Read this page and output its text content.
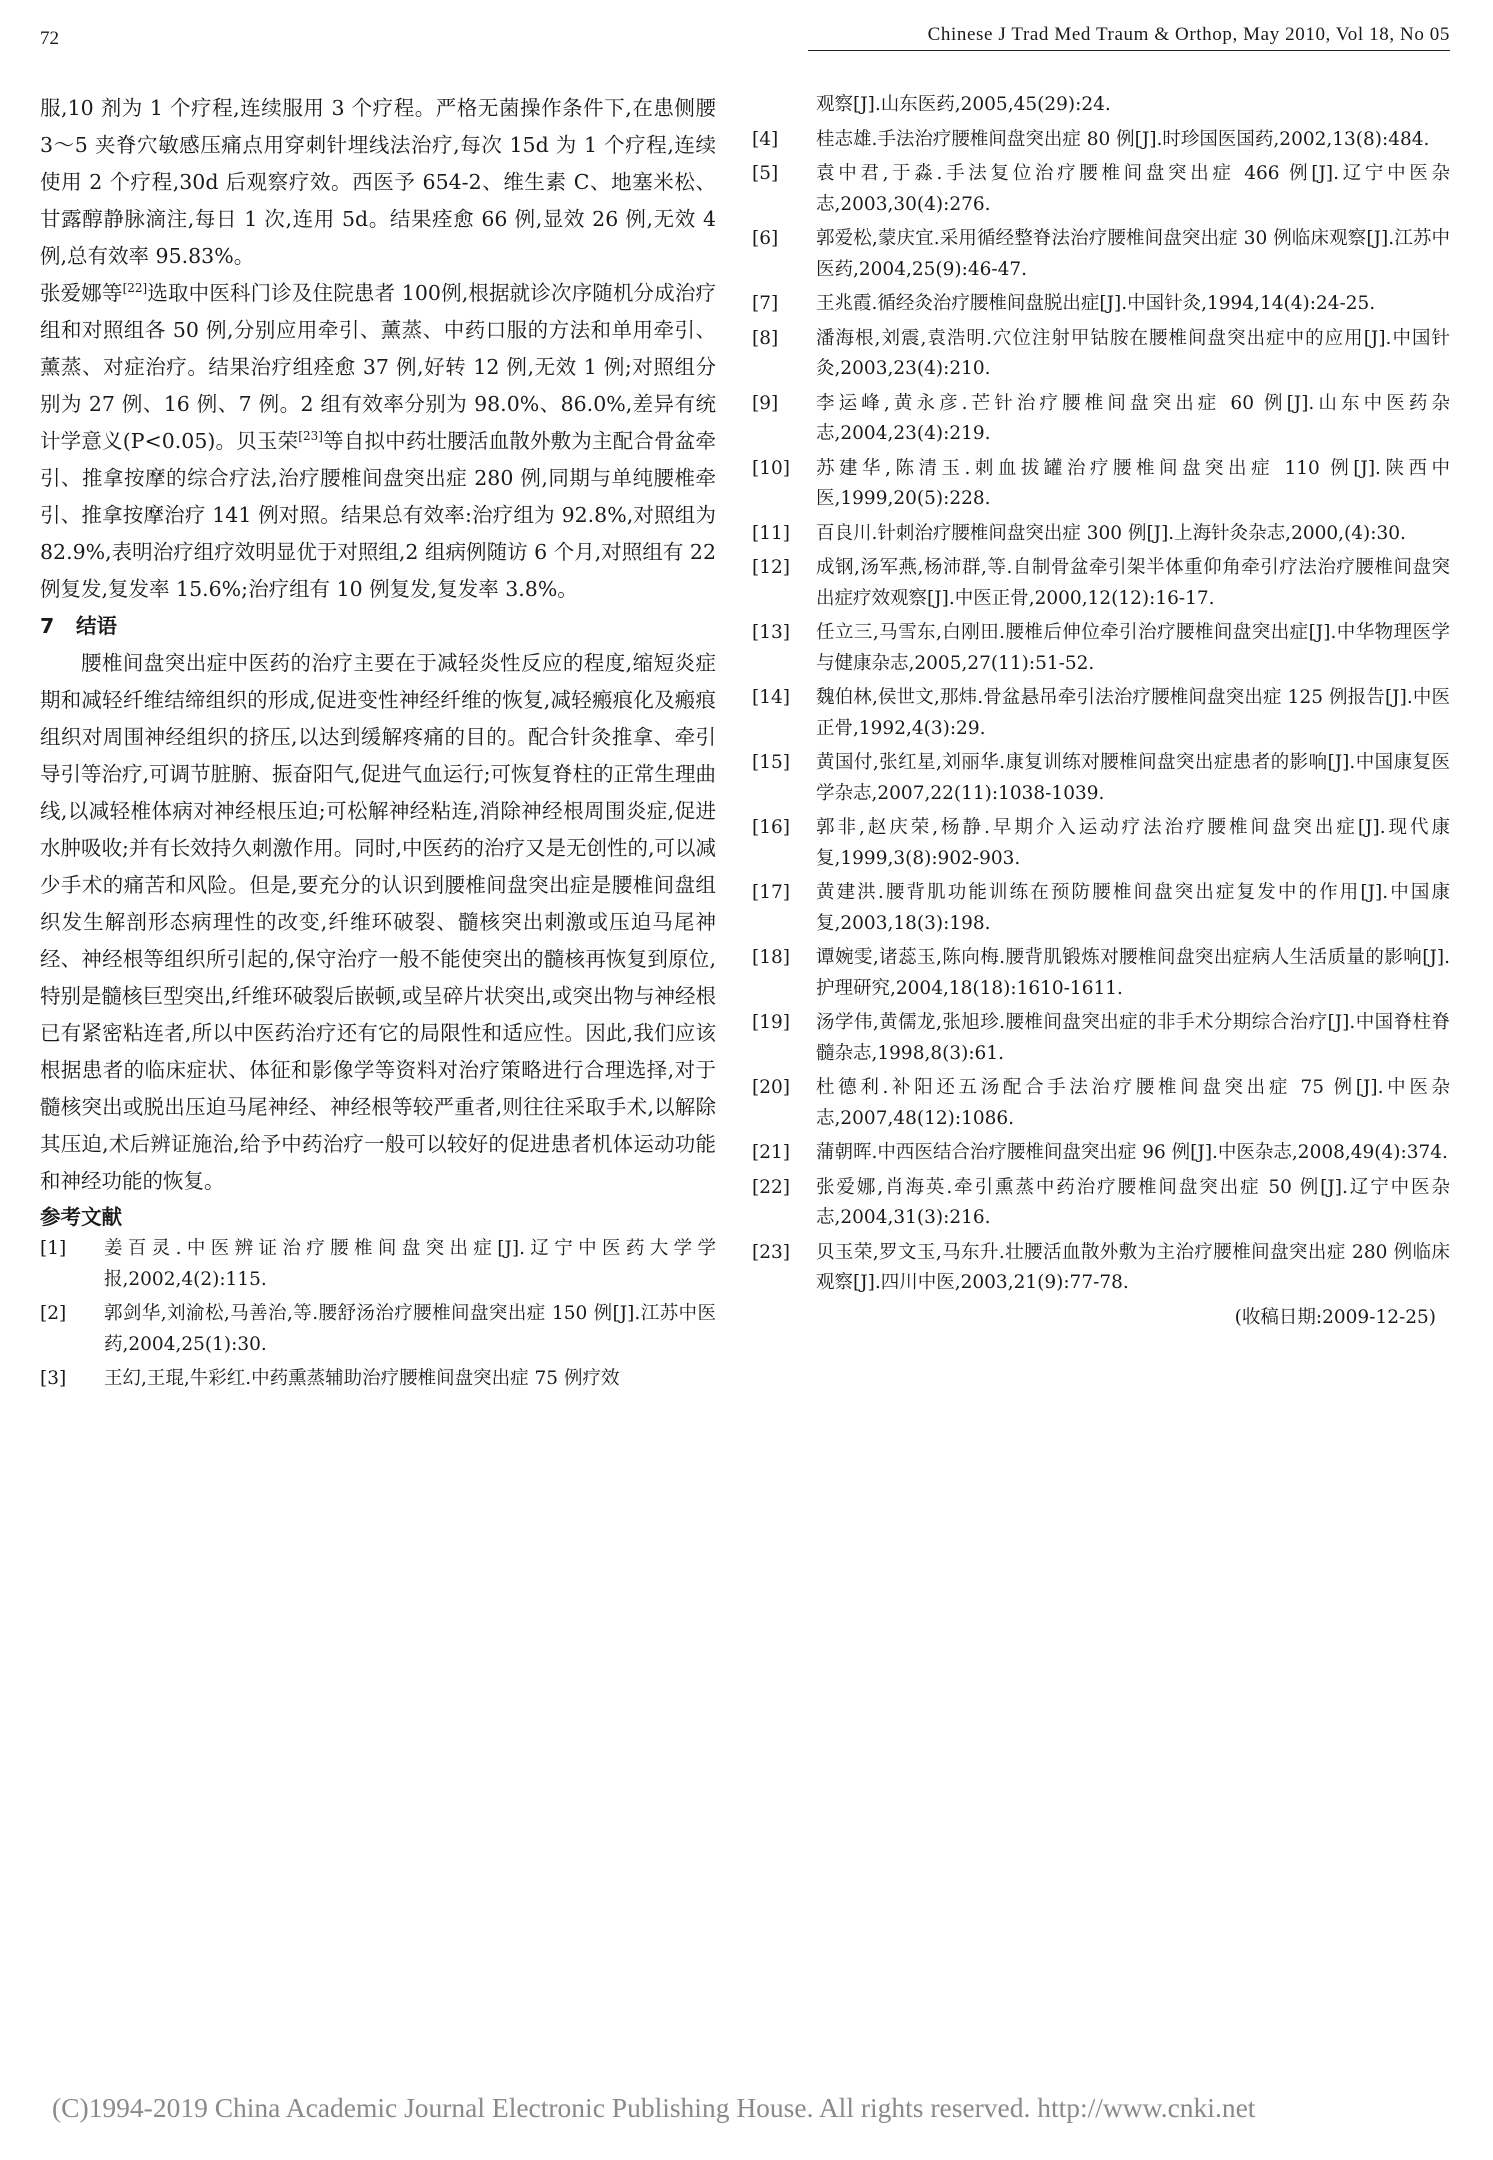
72	Chinese J Trad Med Traum & Orthop, May 2010, Vol 18, No 05

服,10 剂为 1 个疗程,连续服用 3 个疗程。严格无菌操作条件下,在患侧腰 3～5 夹脊穴敏感压痛点用穿刺针埋线法治疗,每次 15d 为 1 个疗程,连续使用 2 个疗程,30d 后观察疗效。西医予 654-2、维生素 C、地塞米松、甘露醇静脉滴注,每日 1 次,连用 5d。结果痊愈 66 例,显效 26 例,无效 4 例,总有效率 95.83%。

张爱娜等[22]选取中医科门诊及住院患者 100例,根据就诊次序随机分成治疗组和对照组各 50 例,分别应用牵引、薰蒸、中药口服的方法和单用牵引、薰蒸、对症治疗。结果治疗组痊愈 37 例,好转 12 例,无效 1 例;对照组分别为 27 例、16 例、7 例。2 组有效率分别为 98.0%、86.0%,差异有统计学意义(P<0.05)。贝玉荣[23]等自拟中药壮腰活血散外敷为主配合骨盆牵引、推拿按摩的综合疗法,治疗腰椎间盘突出症 280 例,同期与单纯腰椎牵引、推拿按摩治疗 141 例对照。结果总有效率:治疗组为 92.8%,对照组为 82.9%,表明治疗组疗效明显优于对照组,2 组病例随访 6 个月,对照组有 22 例复发,复发率 15.6%;治疗组有 10 例复发,复发率 3.8%。

7 结语

腰椎间盘突出症中医药的治疗主要在于减轻炎性反应的程度,缩短炎症期和减轻纤维结缔组织的形成,促进变性神经纤维的恢复,减轻瘢痕化及瘢痕组织对周围神经组织的挤压,以达到缓解疼痛的目的。配合针灸推拿、牵引导引等治疗,可调节脏腑、振奋阳气,促进气血运行;可恢复脊柱的正常生理曲线,以减轻椎体病对神经根压迫;可松解神经粘连,消除神经根周围炎症,促进水肿吸收;并有长效持久刺激作用。同时,中医药的治疗又是无创性的,可以减少手术的痛苦和风险。但是,要充分的认识到腰椎间盘突出症是腰椎间盘组织发生解剖形态病理性的改变,纤维环破裂、髓核突出刺激或压迫马尾神经、神经根等组织所引起的,保守治疗一般不能使突出的髓核再恢复到原位,特别是髓核巨型突出,纤维环破裂后嵌顿,或呈碎片状突出,或突出物与神经根已有紧密粘连者,所以中医药治疗还有它的局限性和适应性。因此,我们应该根据患者的临床症状、体征和影像学等资料对治疗策略进行合理选择,对于髓核突出或脱出压迫马尾神经、神经根等较严重者,则往往采取手术,以解除其压迫,术后辨证施治,给予中药治疗一般可以较好的促进患者机体运动功能和神经功能的恢复。

参考文献

[1]	姜百灵.中医辨证治疗腰椎间盘突出症[J].辽宁中医药大学学报,2002,4(2):115.
[2]	郭剑华,刘渝松,马善治,等.腰舒汤治疗腰椎间盘突出症 150 例[J].江苏中医药,2004,25(1):30.
[3]	王幻,王琨,牛彩红.中药熏蒸辅助治疗腰椎间盘突出症 75 例疗效

观察[J].山东医药,2005,45(29):24.

[4]	桂志雄.手法治疗腰椎间盘突出症 80 例[J].时珍国医国药,2002,13(8):484.
[5]	袁中君,于淼.手法复位治疗腰椎间盘突出症 466 例[J].辽宁中医杂志,2003,30(4):276.
[6]	郭爱松,蒙庆宜.采用循经整脊法治疗腰椎间盘突出症 30 例临床观察[J].江苏中医药,2004,25(9):46-47.
[7]	王兆霞.循经灸治疗腰椎间盘脱出症[J].中国针灸,1994,14(4):24-25.
[8]	潘海根,刘震,袁浩明.穴位注射甲钴胺在腰椎间盘突出症中的应用[J].中国针灸,2003,23(4):210.
[9]	李运峰,黄永彦.芒针治疗腰椎间盘突出症 60 例[J].山东中医药杂志,2004,23(4):219.
[10]	苏建华,陈清玉.刺血拔罐治疗腰椎间盘突出症 110 例[J].陕西中医,1999,20(5):228.
[11]	百良川.针刺治疗腰椎间盘突出症 300 例[J].上海针灸杂志,2000,(4):30.
[12]	成钢,汤军燕,杨沛群,等.自制骨盆牵引架半体重仰角牵引疗法治疗腰椎间盘突出症疗效观察[J].中医正骨,2000,12(12):16-17.
[13]	任立三,马雪东,白刚田.腰椎后伸位牵引治疗腰椎间盘突出症[J].中华物理医学与健康杂志,2005,27(11):51-52.
[14]	魏伯林,侯世文,那炜.骨盆悬吊牵引法治疗腰椎间盘突出症 125 例报告[J].中医正骨,1992,4(3):29.
[15]	黄国付,张红星,刘丽华.康复训练对腰椎间盘突出症患者的影响[J].中国康复医学杂志,2007,22(11):1038-1039.
[16]	郭非,赵庆荣,杨静.早期介入运动疗法治疗腰椎间盘突出症[J].现代康复,1999,3(8):902-903.
[17]	黄建洪.腰背肌功能训练在预防腰椎间盘突出症复发中的作用[J].中国康复,2003,18(3):198.
[18]	谭婉雯,诸蕊玉,陈向梅.腰背肌锻炼对腰椎间盘突出症病人生活质量的影响[J].护理研究,2004,18(18):1610-1611.
[19]	汤学伟,黄儒龙,张旭珍.腰椎间盘突出症的非手术分期综合治疗[J].中国脊柱脊髓杂志,1998,8(3):61.
[20]	杜德利.补阳还五汤配合手法治疗腰椎间盘突出症 75 例[J].中医杂志,2007,48(12):1086.
[21]	蒲朝晖.中西医结合治疗腰椎间盘突出症 96 例[J].中医杂志,2008,49(4):374.
[22]	张爱娜,肖海英.牵引熏蒸中药治疗腰椎间盘突出症 50 例[J].辽宁中医杂志,2004,31(3):216.
[23]	贝玉荣,罗文玉,马东升.壮腰活血散外敷为主治疗腰椎间盘突出症 280 例临床观察[J].四川中医,2003,21(9):77-78.
(收稿日期:2009-12-25)
(C)1994-2019 China Academic Journal Electronic Publishing House. All rights reserved. http://www.cnki.net
